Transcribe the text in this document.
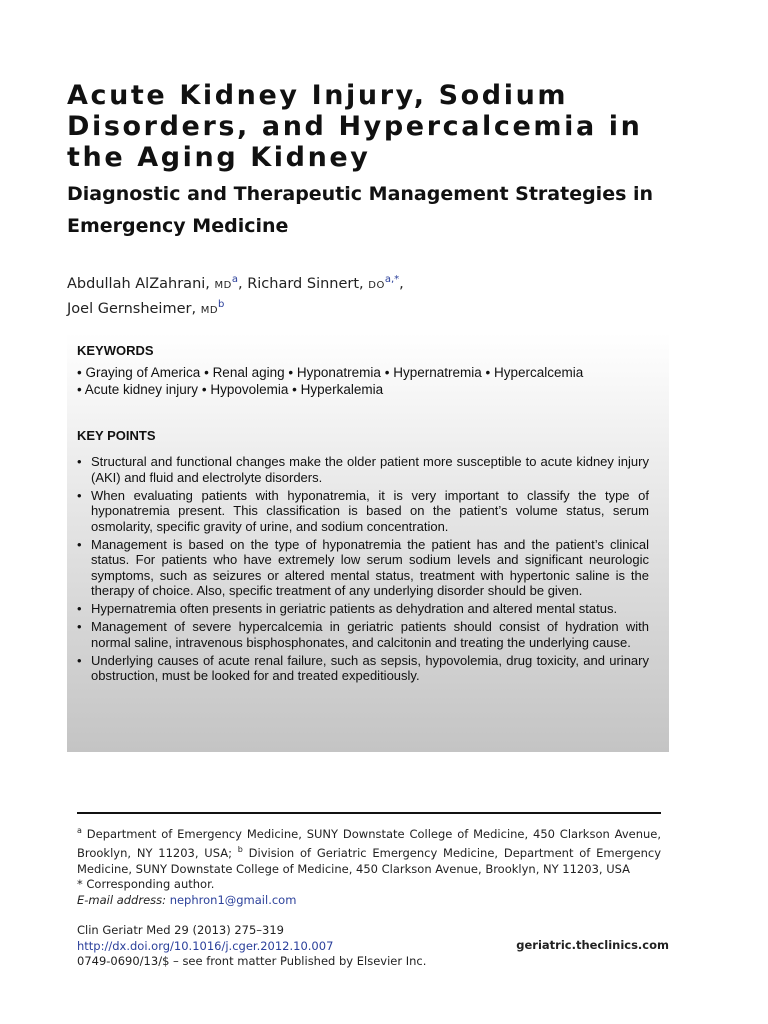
Acute Kidney Injury, Sodium Disorders, and Hypercalcemia in the Aging Kidney
Diagnostic and Therapeutic Management Strategies in Emergency Medicine
Abdullah AlZahrani, $MD^a$, Richard Sinnert, $DO^{a,*}$,
Joel Gernsheimer, $MD^b$
KEYWORDS
• Graying of America • Renal aging • Hyponatremia • Hypernatremia • Hypercalcemia
• Acute kidney injury • Hypovolemia • Hyperkalemia
KEY POINTS
• Structural and functional changes make the older patient more susceptible to acute kidney injury (AKI) and fluid and electrolyte disorders.
• When evaluating patients with hyponatremia, it is very important to classify the type of hyponatremia present. This classification is based on the patient’s volume status, serum osmolarity, specific gravity of urine, and sodium concentration.
• Management is based on the type of hyponatremia the patient has and the patient’s clinical status. For patients who have extremely low serum sodium levels and significant neurologic symptoms, such as seizures or altered mental status, treatment with hypertonic saline is the therapy of choice. Also, specific treatment of any underlying disorder should be given.
• Hypernatremia often presents in geriatric patients as dehydration and altered mental status.
• Management of severe hypercalcemia in geriatric patients should consist of hydration with normal saline, intravenous bisphosphonates, and calcitonin and treating the underlying cause.
• Underlying causes of acute renal failure, such as sepsis, hypovolemia, drug toxicity, and urinary obstruction, must be looked for and treated expeditiously.
$^a$ Department of Emergency Medicine, SUNY Downstate College of Medicine, 450 Clarkson Avenue, Brooklyn, NY 11203, USA; $^b$ Division of Geriatric Emergency Medicine, Department of Emergency Medicine, SUNY Downstate College of Medicine, 450 Clarkson Avenue, Brooklyn, NY 11203, USA
* Corresponding author.
E-mail address: nephron1@gmail.com
Clin Geriatr Med 29 (2013) 275–319
http://dx.doi.org/10.1016/j.cger.2012.10.007
0749-0690/13/$ – see front matter Published by Elsevier Inc.
geriatric.theclinics.com
